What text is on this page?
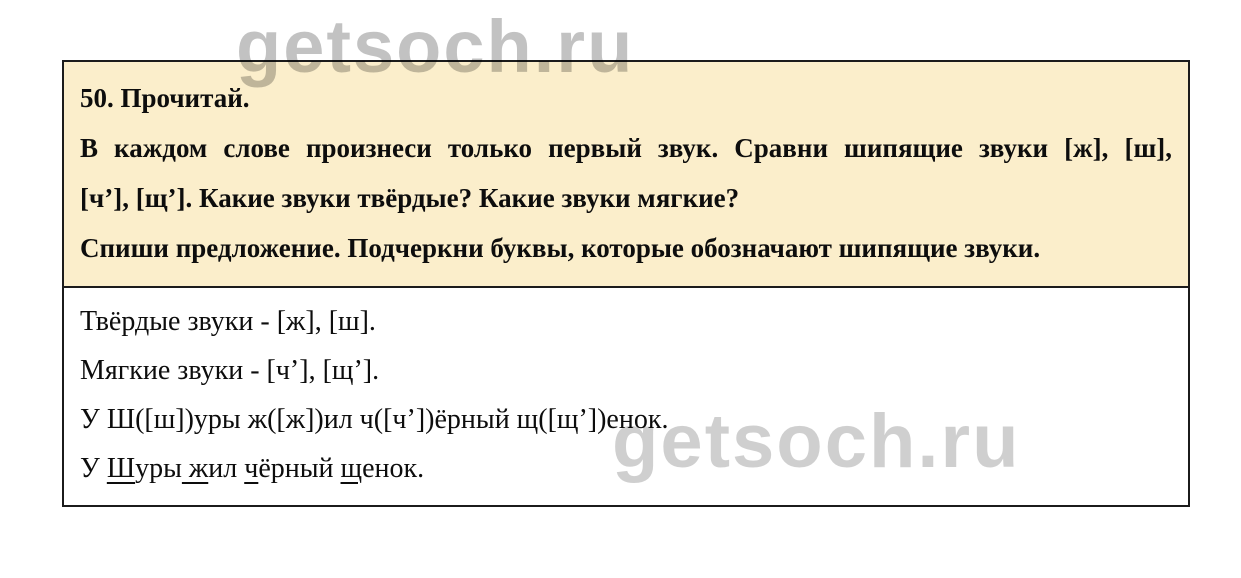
getsoch.ru
50. Прочитай.
В каждом слове произнеси только первый звук. Сравни шипящие звуки [ж], [ш],
[ч’], [щ’]. Какие звуки твёрдые? Какие звуки мягкие?
Спиши предложение. Подчеркни буквы, которые обозначают шипящие звуки.
Твёрдые звуки - [ж], [ш].
Мягкие звуки - [ч’], [щ’].
У Ш([ш])уры ж([ж])ил ч([ч’])ёрный щ([щ’])енок.
У Шуры жил чёрный щенок.
